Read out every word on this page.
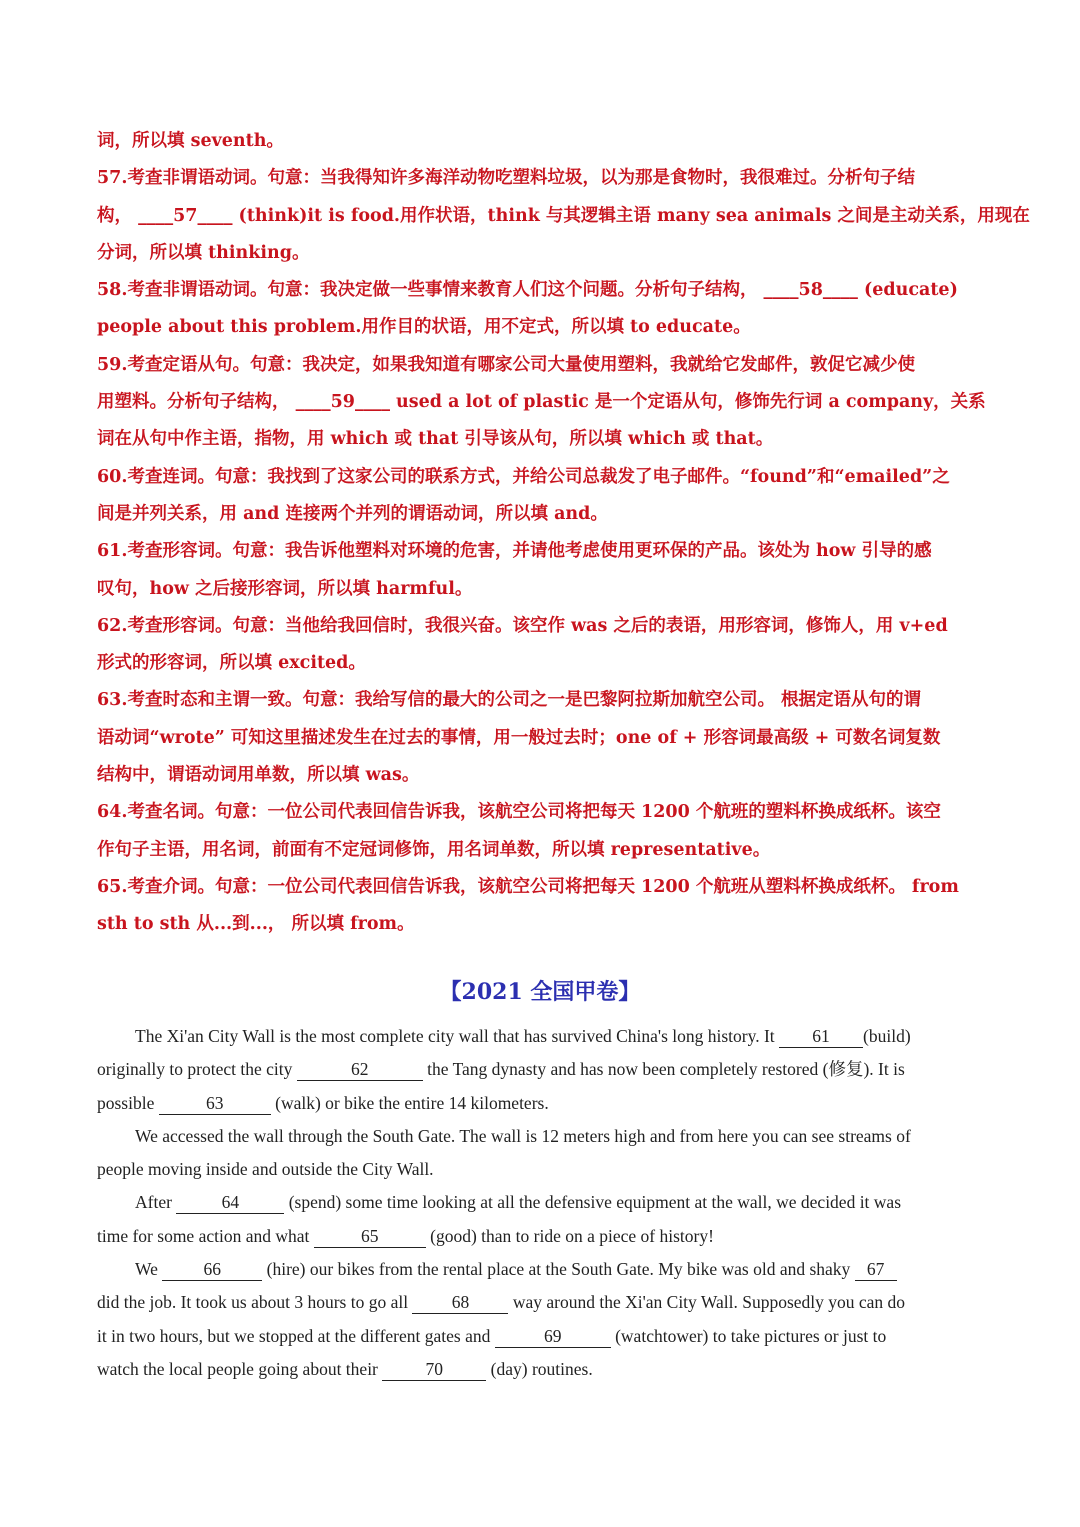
词，所以填 seventh。
57.考查非谓语动词。句意：当我得知许多海洋动物吃塑料垃圾，以为那是食物时，我很难过。分析句子结
构， ____57____ (think)it is food.用作状语，think 与其逻辑主语 many sea animals 之间是主动关系，用现在
分词，所以填 thinking。
58.考查非谓语动词。句意：我决定做一些事情来教育人们这个问题。分析句子结构， ____58____ (educate)
people about this problem.用作目的状语，用不定式，所以填 to educate。
59.考查定语从句。句意：我决定，如果我知道有哪家公司大量使用塑料，我就给它发邮件，敦促它减少使
用塑料。分析句子结构， ____59____ used a lot of plastic 是一个定语从句，修饰先行词 a company，关系
词在从句中作主语，指物，用 which 或 that 引导该从句，所以填 which 或 that。
60.考查连词。句意：我找到了这家公司的联系方式，并给公司总裁发了电子邮件。“found”和“emailed”之
间是并列关系，用 and 连接两个并列的谓语动词，所以填 and。
61.考查形容词。句意：我告诉他塑料对环境的危害，并请他考虑使用更环保的产品。该处为 how 引导的感
叹句，how 之后接形容词，所以填 harmful。
62.考查形容词。句意：当他给我回信时，我很兴奋。该空作 was 之后的表语，用形容词，修饰人，用 v+ed
形式的形容词，所以填 excited。
63.考查时态和主谓一致。句意：我给写信的最大的公司之一是巴黎阿拉斯加航空公司。 根据定语从句的谓
语动词“wrote” 可知这里描述发生在过去的事情，用一般过去时；one of + 形容词最高级 + 可数名词复数
结构中，谓语动词用单数，所以填 was。
64.考查名词。句意：一位公司代表回信告诉我，该航空公司将把每天 1200 个航班的塑料杯换成纸杯。该空
作句子主语，用名词，前面有不定冠词修饰，用名词单数，所以填 representative。
65.考查介词。句意：一位公司代表回信告诉我，该航空公司将把每天 1200 个航班从塑料杯换成纸杯。 from
sth to sth 从...到...， 所以填 from。
【2021 全国甲卷】
The Xi'an City Wall is the most complete city wall that has survived China's long history. It 61 (build)
originally to protect the city	62	the Tang dynasty and has now been completely restored (修复). It is
possible	63	(walk) or bike the entire 14 kilometers.
We accessed the wall through the South Gate. The wall is 12 meters high and from here you can see streams of
people moving inside and outside the City Wall.
After	64	(spend) some time looking at all the defensive equipment at the wall, we decided it was
time for some action and what	65	(good) than to ride on a piece of history!
We	66	(hire) our bikes from the rental place at the South Gate. My bike was old and shaky 67
did the job. It took us about 3 hours to go all 68 way around the Xi'an City Wall. Supposedly you can do
it in two hours, but we stopped at the different gates and	69	(watchtower) to take pictures or just to
watch the local people going about their	70	(day) routines.
